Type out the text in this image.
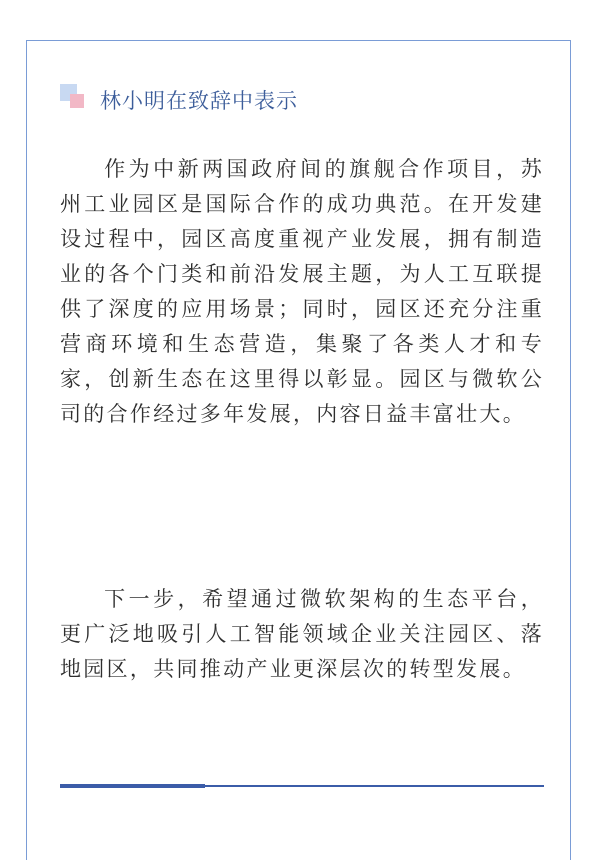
林小明在致辞中表示

作为中新两国政府间的旗舰合作项目，苏州工业园区是国际合作的成功典范。在开发建设过程中，园区高度重视产业发展，拥有制造业的各个门类和前沿发展主题，为人工互联提供了深度的应用场景；同时，园区还充分注重营商环境和生态营造，集聚了各类人才和专家，创新生态在这里得以彰显。园区与微软公司的合作经过多年发展，内容日益丰富壮大。

下一步，希望通过微软架构的生态平台，更广泛地吸引人工智能领域企业关注园区、落地园区，共同推动产业更深层次的转型发展。
